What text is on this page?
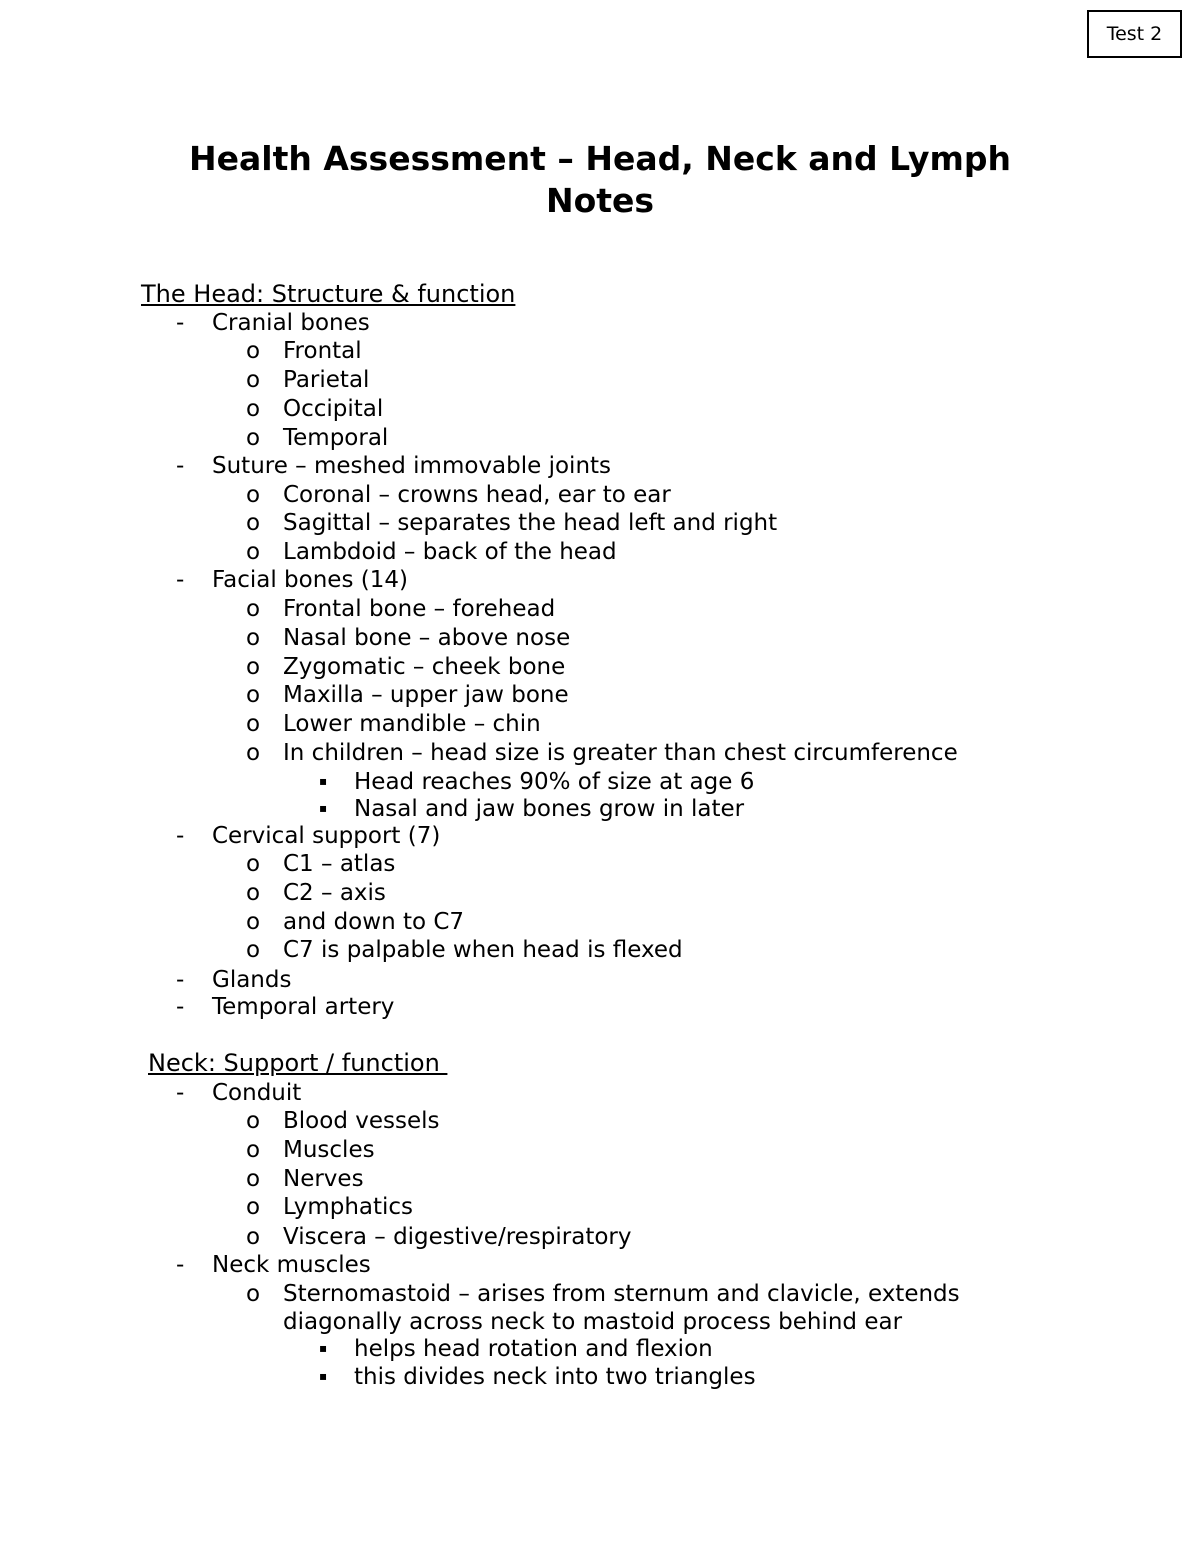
Test 2
Health Assessment – Head, Neck and Lymph
Notes
The Head: Structure & function
- Cranial bones
o Frontal
o Parietal
o Occipital
o Temporal
- Suture – meshed immovable joints
o Coronal – crowns head, ear to ear
o Sagittal – separates the head left and right
o Lambdoid – back of the head
- Facial bones (14)
o Frontal bone – forehead
o Nasal bone – above nose
o Zygomatic – cheek bone
o Maxilla – upper jaw bone
o Lower mandible – chin
o In children – head size is greater than chest circumference
▪ Head reaches 90% of size at age 6
▪ Nasal and jaw bones grow in later
- Cervical support (7)
o C1 – atlas
o C2 – axis
o and down to C7
o C7 is palpable when head is flexed
- Glands
- Temporal artery
Neck: Support / function
- Conduit
o Blood vessels
o Muscles
o Nerves
o Lymphatics
o Viscera – digestive/respiratory
- Neck muscles
o Sternomastoid – arises from sternum and clavicle, extends
diagonally across neck to mastoid process behind ear
▪ helps head rotation and flexion
▪ this divides neck into two triangles
